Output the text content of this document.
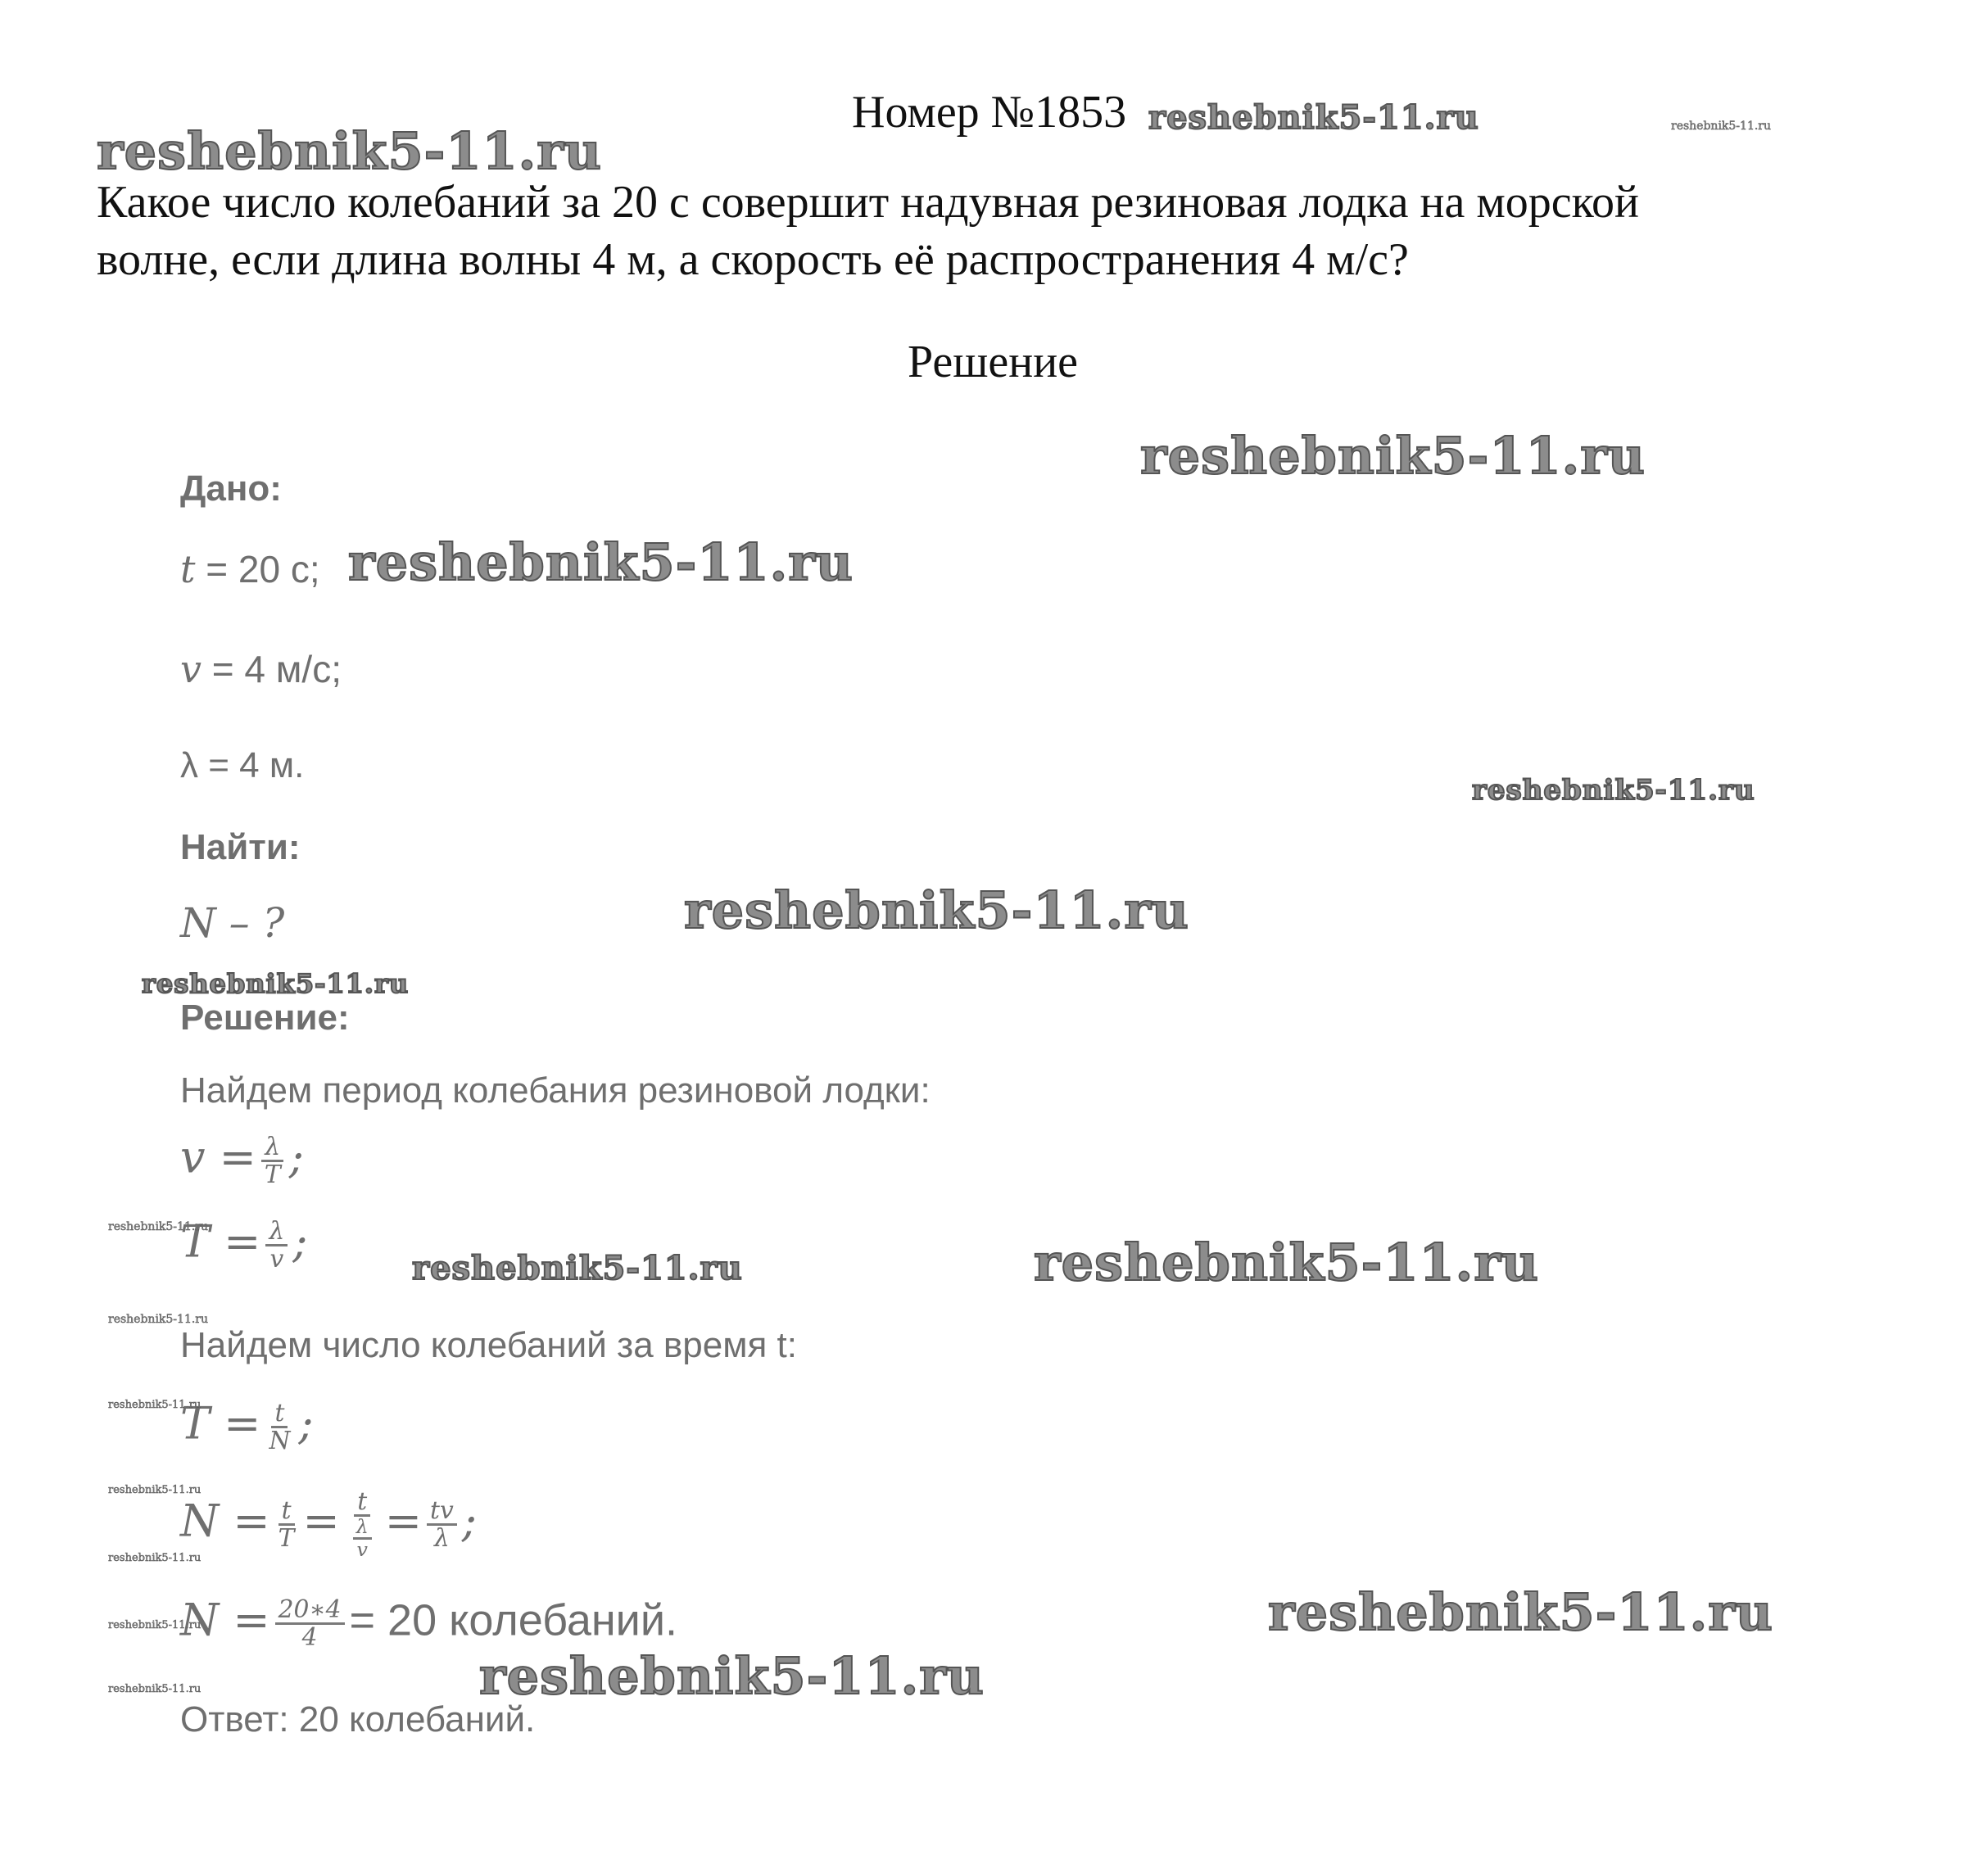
Номер №1853
Какое число колебаний за 20 с совершит надувная резиновая лодка на морской
волне, если длина волны 4 м, а скорость её распространения 4 м/с?
Решение
Дано:
t = 20 с;
v = 4 м/с;
λ = 4 м.
Найти:
N – ?
Решение:
Найдем период колебания резиновой лодки:
$v = \frac{\lambda}{T}$ ;
$T = \frac{\lambda}{v}$ ;
Найдем число колебаний за время t:
$T = \frac{t}{N}$ ;
$N = \frac{t}{T} = \frac{t}{\frac{\lambda}{v}} = \frac{tv}{\lambda}$ ;
$N = \frac{20∗4}{4} = 20$ колебаний.
Ответ: 20 колебаний.
reshebnik5-11.ru
reshebnik5-11.ru	reshebnik5-11.ru
reshebnik5-11.ru
reshebnik5-11.ru
reshebnik5-11.ru
reshebnik5-11.ru
reshebnik5-11.ru
reshebnik5-11.ru	reshebnik5-11.ru
reshebnik5-11.ru
reshebnik5-11.ru
reshebnik5-11.ru
reshebnik5-11.ru
reshebnik5-11.ru
reshebnik5-11.ru
reshebnik5-11.ru
reshebnik5-11.ru
reshebnik5-11.ru
